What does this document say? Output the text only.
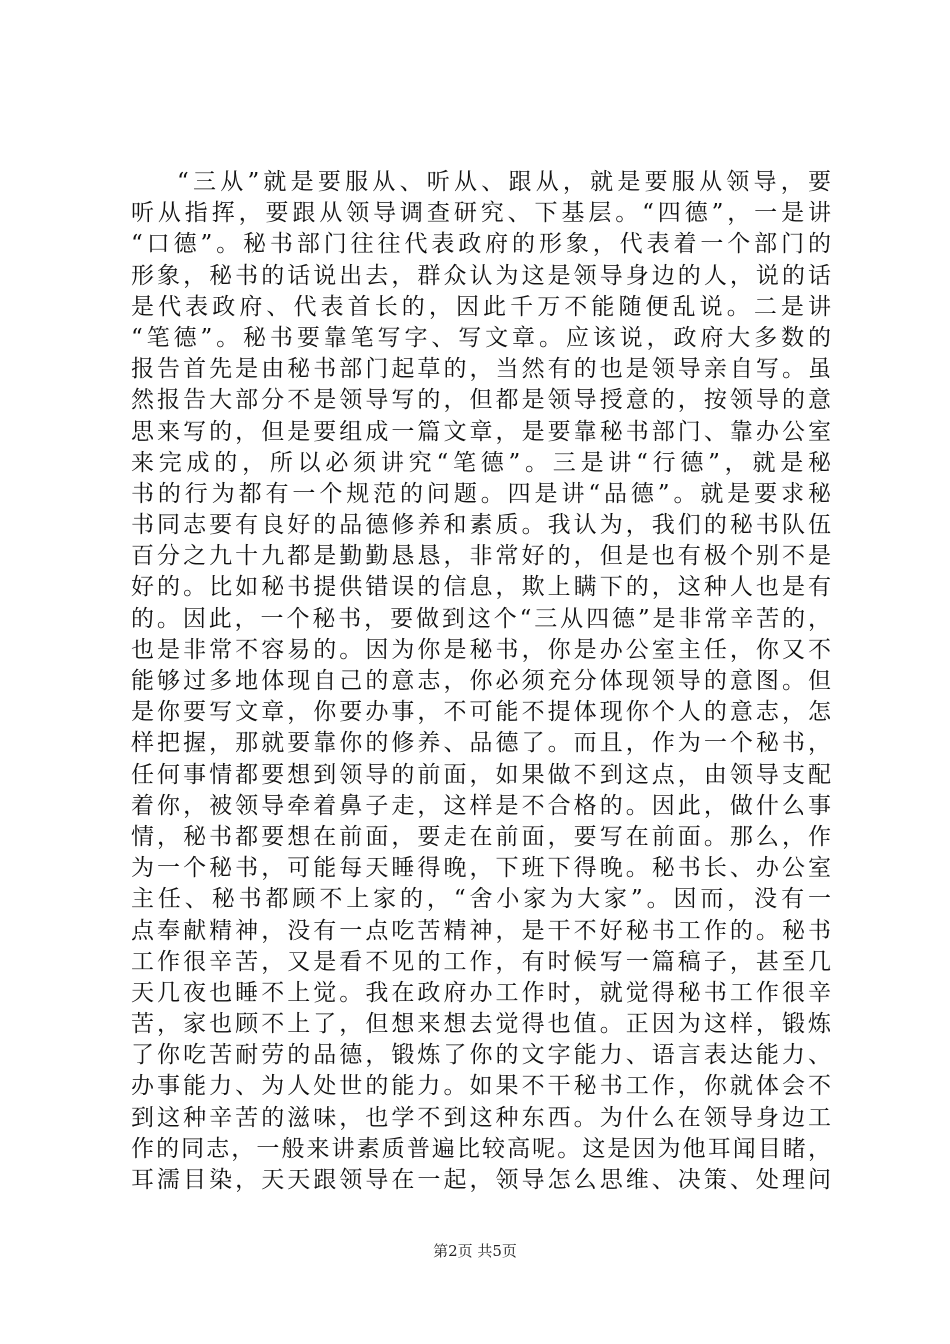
“三从”就是要服从、听从、跟从，就是要服从领导，要
听从指挥，要跟从领导调查研究、下基层。“四德”，一是讲
“口德”。秘书部门往往代表政府的形象，代表着一个部门的
形象，秘书的话说出去，群众认为这是领导身边的人，说的话
是代表政府、代表首长的，因此千万不能随便乱说。二是讲
“笔德”。秘书要靠笔写字、写文章。应该说，政府大多数的
报告首先是由秘书部门起草的，当然有的也是领导亲自写。虽
然报告大部分不是领导写的，但都是领导授意的，按领导的意
思来写的，但是要组成一篇文章，是要靠秘书部门、靠办公室
来完成的，所以必须讲究“笔德”。三是讲“行德”，就是秘
书的行为都有一个规范的问题。四是讲“品德”。就是要求秘
书同志要有良好的品德修养和素质。我认为，我们的秘书队伍
百分之九十九都是勤勤恳恳，非常好的，但是也有极个别不是
好的。比如秘书提供错误的信息，欺上瞒下的，这种人也是有
的。因此，一个秘书，要做到这个“三从四德”是非常辛苦的，
也是非常不容易的。因为你是秘书，你是办公室主任，你又不
能够过多地体现自己的意志，你必须充分体现领导的意图。但
是你要写文章，你要办事，不可能不提体现你个人的意志，怎
样把握，那就要靠你的修养、品德了。而且，作为一个秘书，
任何事情都要想到领导的前面，如果做不到这点，由领导支配
着你，被领导牵着鼻子走，这样是不合格的。因此，做什么事
情，秘书都要想在前面，要走在前面，要写在前面。那么，作
为一个秘书，可能每天睡得晚，下班下得晚。秘书长、办公室
主任、秘书都顾不上家的，“舍小家为大家”。因而，没有一
点奉献精神，没有一点吃苦精神，是干不好秘书工作的。秘书
工作很辛苦，又是看不见的工作，有时候写一篇稿子，甚至几
天几夜也睡不上觉。我在政府办工作时，就觉得秘书工作很辛
苦，家也顾不上了，但想来想去觉得也值。正因为这样，锻炼
了你吃苦耐劳的品德，锻炼了你的文字能力、语言表达能力、
办事能力、为人处世的能力。如果不干秘书工作，你就体会不
到这种辛苦的滋味，也学不到这种东西。为什么在领导身边工
作的同志，一般来讲素质普遍比较高呢。这是因为他耳闻目睹，
耳濡目染，天天跟领导在一起，领导怎么思维、决策、处理问
第2页 共5页
